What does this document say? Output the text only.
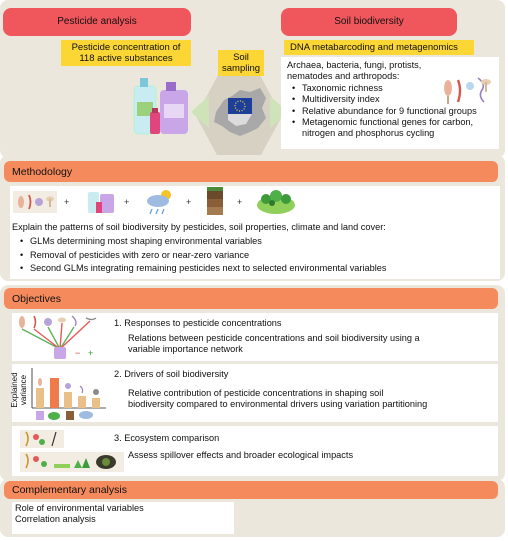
Pesticide analysis
Pesticide concentration of
118 active substances	Soil
sampling
Soil biodiversity
DNA metabarcoding and metagenomics
Archaea, bacteria, fungi, protists,
nematodes and arthropods:
• Taxonomic richness
• Multidiversity index
• Relative abundance for 9 functional groups
• Metagenomic functional genes for carbon,
nitrogen and phosphorus cycling
Methodology
+	+	+	+
Explain the patterns of soil biodiversity by pesticides, soil properties, climate and land cover:
• GLMs determining most shaping environmental variables
• Removal of pesticides with zero or near-zero variance
• Second GLMs integrating remaining pesticides next to selected environmental variables
Objectives
− +
1. Responses to pesticide concentrations
Relations between pesticide concentrations and soil biodiversity using a
variable importance network
Explained variance
2. Drivers of soil biodiversity
Relative contribution of pesticide concentrations in shaping soil
biodiversity compared to environmental drivers using variation partitioning
3. Ecosystem comparison
Assess spillover effects and broader ecological impacts
Complementary analysis
Role of environmental variables
Correlation analysis
